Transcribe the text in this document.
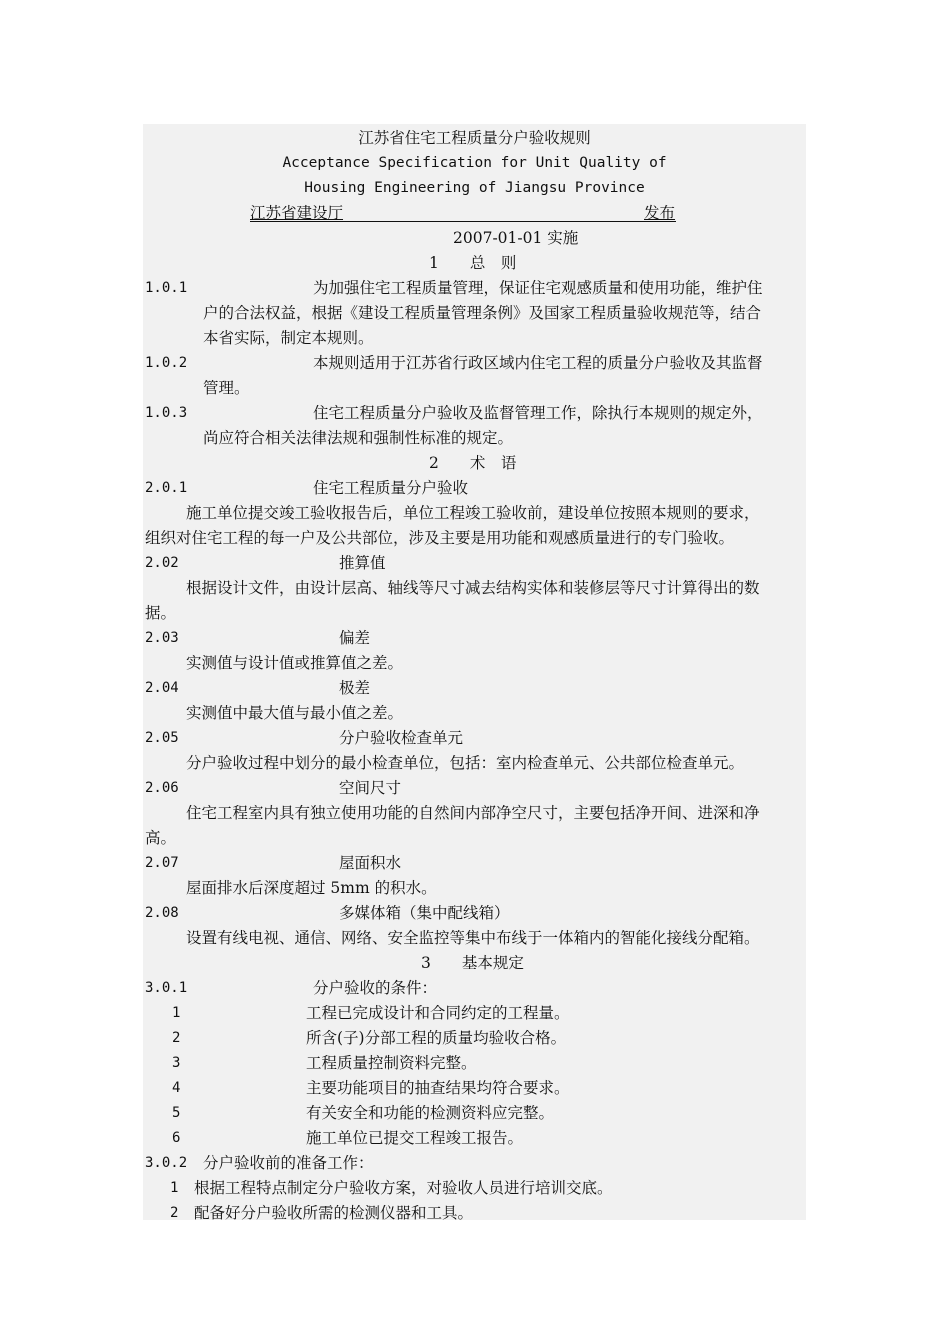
江苏省住宅工程质量分户验收规则
Acceptance Specification for Unit Quality of
Housing Engineering of Jiangsu Province
江苏省建设厅	发布
2007-01-01 实施
1　　总　则
1.0.1	为加强住宅工程质量管理，保证住宅观感质量和使用功能，维护住
户的合法权益，根据《建设工程质量管理条例》及国家工程质量验收规范等，结合
本省实际，制定本规则。
1.0.2	本规则适用于江苏省行政区域内住宅工程的质量分户验收及其监督
管理。
1.0.3	住宅工程质量分户验收及监督管理工作，除执行本规则的规定外，
尚应符合相关法律法规和强制性标准的规定。
2　　术　语
2.0.1	住宅工程质量分户验收
施工单位提交竣工验收报告后，单位工程竣工验收前，建设单位按照本规则的要求，
组织对住宅工程的每一户及公共部位，涉及主要是用功能和观感质量进行的专门验收。
2.02	推算值
根据设计文件，由设计层高、轴线等尺寸减去结构实体和装修层等尺寸计算得出的数
据。
2.03	偏差
实测值与设计值或推算值之差。
2.04	极差
实测值中最大值与最小值之差。
2.05	分户验收检查单元
分户验收过程中划分的最小检查单位，包括：室内检查单元、公共部位检查单元。
2.06	空间尺寸
住宅工程室内具有独立使用功能的自然间内部净空尺寸，主要包括净开间、进深和净
高。
2.07	屋面积水
屋面排水后深度超过 5mm 的积水。
2.08	多媒体箱（集中配线箱）
设置有线电视、通信、网络、安全监控等集中布线于一体箱内的智能化接线分配箱。
3　　基本规定
3.0.1	分户验收的条件：
1	工程已完成设计和合同约定的工程量。
2	所含(子)分部工程的质量均验收合格。
3	工程质量控制资料完整。
4	主要功能项目的抽查结果均符合要求。
5	有关安全和功能的检测资料应完整。
6	施工单位已提交工程竣工报告。
3.0.2 分户验收前的准备工作：
1 根据工程特点制定分户验收方案，对验收人员进行培训交底。
2 配备好分户验收所需的检测仪器和工具。
